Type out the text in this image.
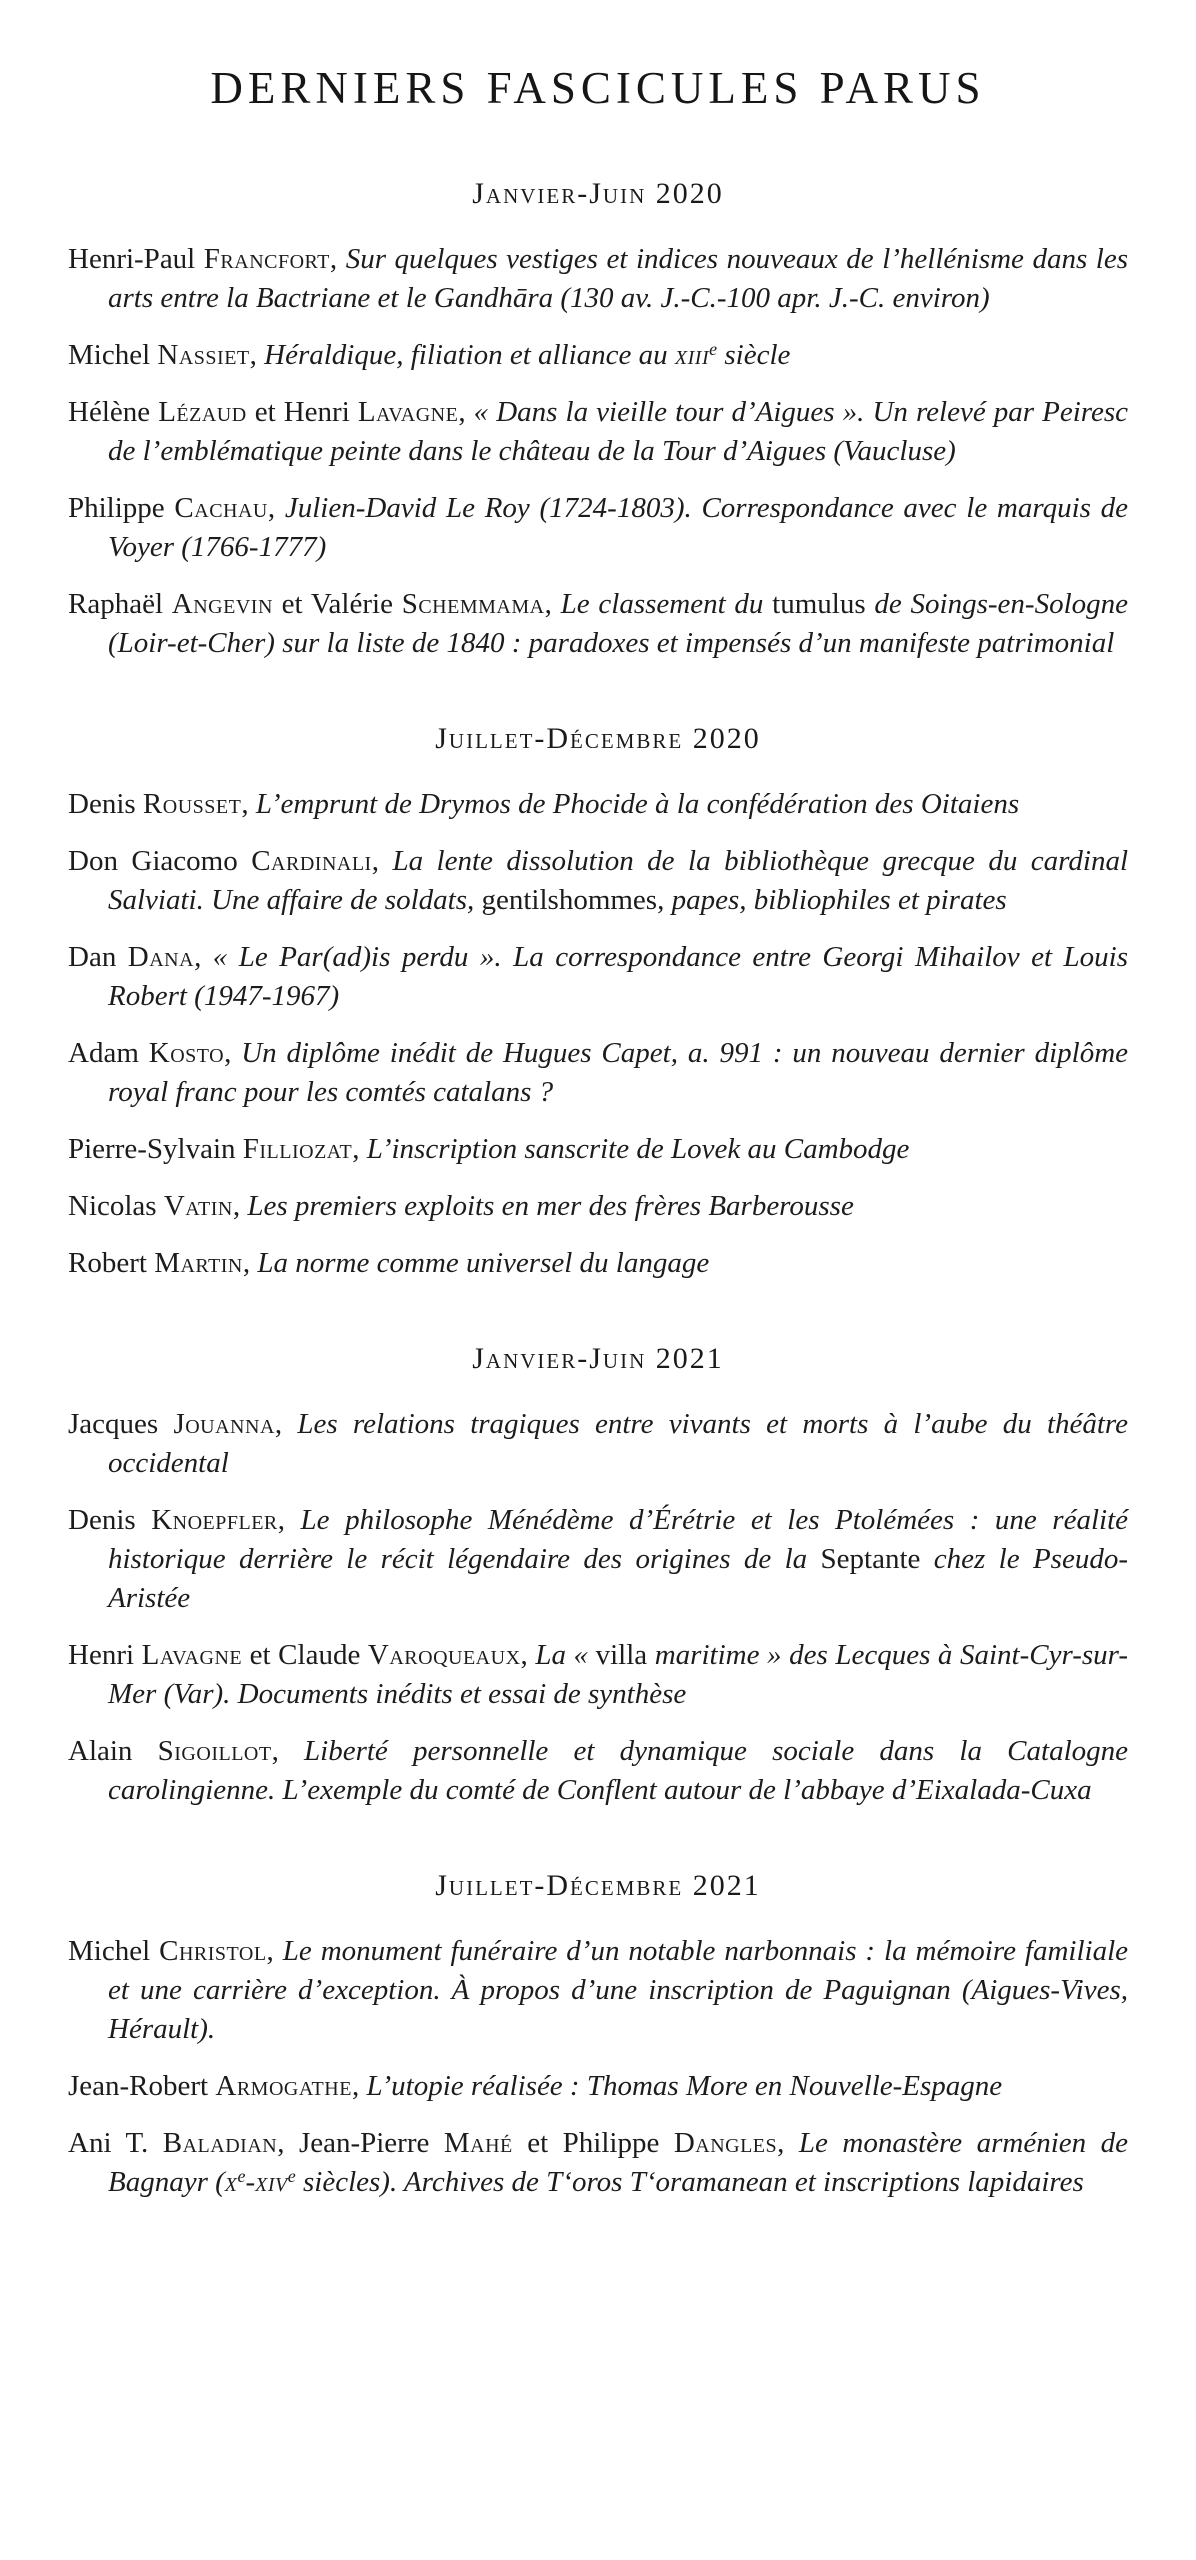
DERNIERS FASCICULES PARUS
Janvier-Juin 2020

Henri-Paul Francfort, Sur quelques vestiges et indices nouveaux de l’hellénisme dans les arts entre la Bactriane et le Gandhāra (130 av. J.-C.-100 apr. J.-C. environ)

Michel Nassiet, Héraldique, filiation et alliance au xiii$^e$ siècle

Hélène Lézaud et Henri Lavagne, « Dans la vieille tour d’Aigues ». Un relevé par Peiresc de l’emblématique peinte dans le château de la Tour d’Aigues (Vaucluse)

Philippe Cachau, Julien-David Le Roy (1724-1803). Correspondance avec le marquis de Voyer (1766-1777)

Raphaël Angevin et Valérie Schemmama, Le classement du tumulus de Soings-en-Sologne (Loir-et-Cher) sur la liste de 1840 : paradoxes et impensés d’un manifeste patrimonial

Juillet-Décembre 2020

Denis Rousset, L’emprunt de Drymos de Phocide à la confédération des Oitaiens

Don Giacomo Cardinali, La lente dissolution de la bibliothèque grecque du cardinal Salviati. Une affaire de soldats, gentilshommes, papes, bibliophiles et pirates

Dan Dana, « Le Par(ad)is perdu ». La correspondance entre Georgi Mihailov et Louis Robert (1947-1967)

Adam Kosto, Un diplôme inédit de Hugues Capet, a. 991 : un nouveau dernier diplôme royal franc pour les comtés catalans ?

Pierre-Sylvain Filliozat, L’inscription sanscrite de Lovek au Cambodge

Nicolas Vatin, Les premiers exploits en mer des frères Barberousse

Robert Martin, La norme comme universel du langage

Janvier-Juin 2021

Jacques Jouanna, Les relations tragiques entre vivants et morts à l’aube du théâtre occidental

Denis Knoepfler, Le philosophe Ménédème d’Érétrie et les Ptolémées : une réalité historique derrière le récit légendaire des origines de la Septante chez le Pseudo-Aristée

Henri Lavagne et Claude Varoqueaux, La « villa maritime » des Lecques à Saint-Cyr-sur-Mer (Var). Documents inédits et essai de synthèse

Alain Sigoillot, Liberté personnelle et dynamique sociale dans la Catalogne carolingienne. L’exemple du comté de Conflent autour de l’abbaye d’Eixalada-Cuxa

Juillet-Décembre 2021

Michel Christol, Le monument funéraire d’un notable narbonnais : la mémoire familiale et une carrière d’exception. À propos d’une inscription de Paguignan (Aigues-Vives, Hérault).

Jean-Robert Armogathe, L’utopie réalisée : Thomas More en Nouvelle-Espagne

Ani T. Baladian, Jean-Pierre Mahé et Philippe Dangles, Le monastère arménien de Bagnayr ($x^e-xiv^e$ siècles). Archives de Tʻoros Tʻoramanean et inscriptions lapidaires
